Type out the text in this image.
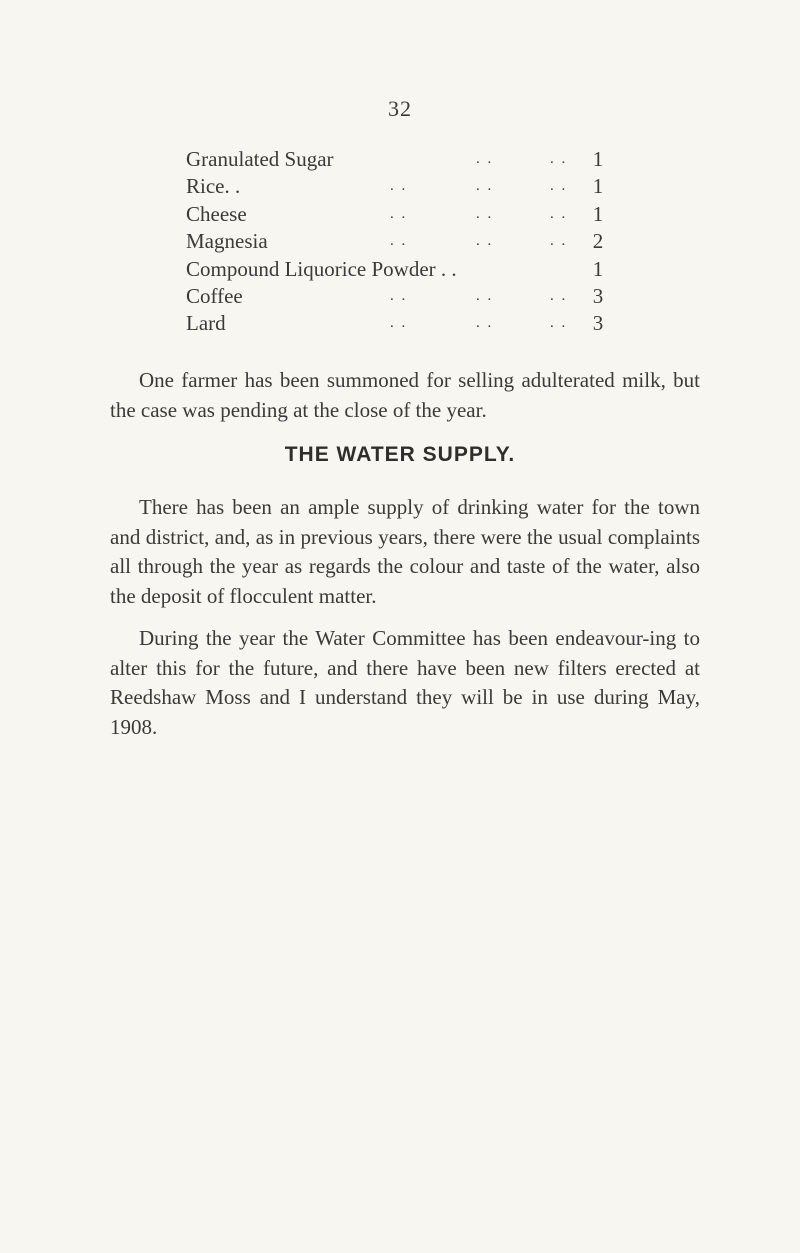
32
Granulated Sugar	. .	. . 1
Rice. .	. .	. .	. . 1
Cheese	. .	. .	. . 1
Magnesia	. .	. .	. . 2
Compound Liquorice Powder . .	1
Coffee	. .	. .	. . 3
Lard	. .	. .	. . 3

One farmer has been summoned for selling adulterated milk, but the case was pending at the close of the year.

THE WATER SUPPLY.

There has been an ample supply of drinking water for the town and district, and, as in previous years, there were the usual complaints all through the year as regards the colour and taste of the water, also the deposit of flocculent matter.

During the year the Water Committee has been endeavour-ing to alter this for the future, and there have been new filters erected at Reedshaw Moss and I understand they will be in use during May, 1908.
